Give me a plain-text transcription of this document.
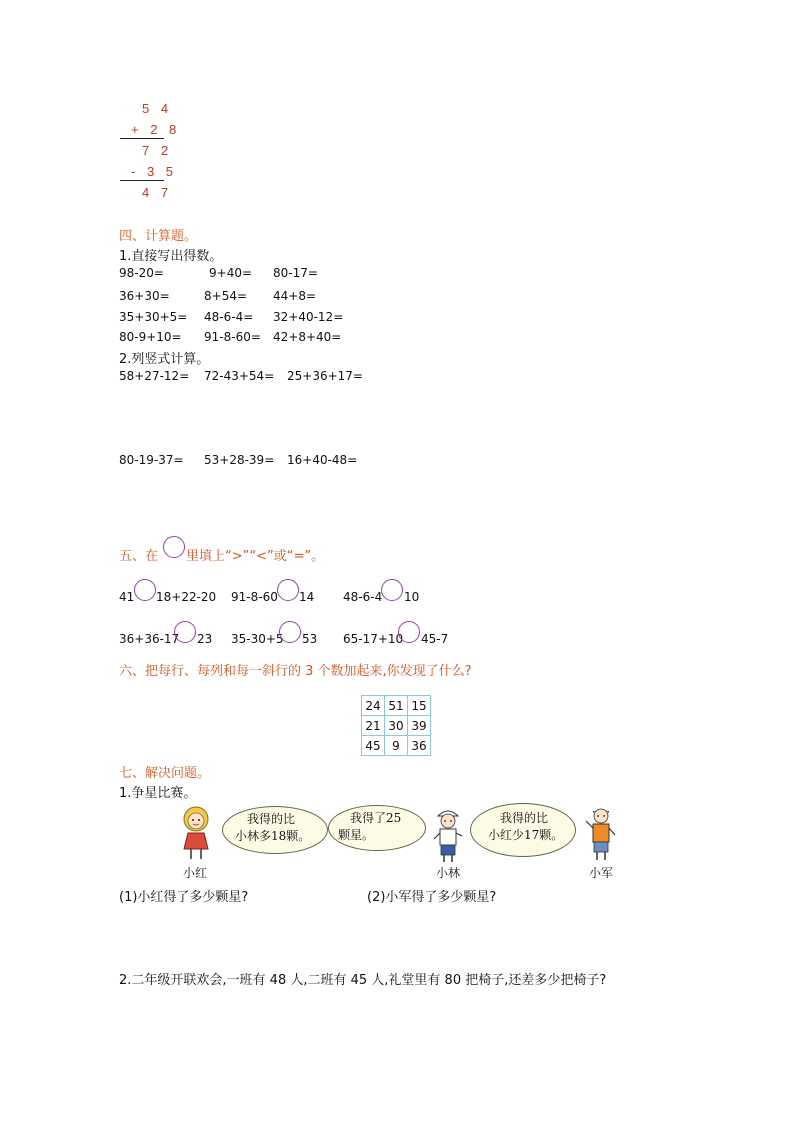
5 4
+ 2 8
7 2
- 3 5
4 7
四、计算题。
1.直接写出得数。
98-20=	9+40= 80-17=
36+30=	8+54= 44+8=
35+30+5= 48-6-4= 32+40-12=
80-9+10= 91-8-60= 42+8+40=
2.列竖式计算。
58+27-12= 72-43+54= 25+36+17=
80-19-37= 53+28-39= 16+40-48=
五、在 里填上“>”“<”或“=”。
41 18+22-20 91-8-60 14 48-6-4 10
36+36-17 23 35-30+5 53 65-17+10 45-7
六、把每行、每列和每一斜行的 3 个数加起来,你发现了什么?
24	51	15
21	30	39
45	9	36
七、解决问题。
1.争星比赛。
我得的比
小林多18颗。
我得了25
颗星。
我得的比
小红少17颗。
小红	小林	小军
(1)小红得了多少颗星?	(2)小军得了多少颗星?
2.二年级开联欢会,一班有 48 人,二班有 45 人,礼堂里有 80 把椅子,还差多少把椅子?
